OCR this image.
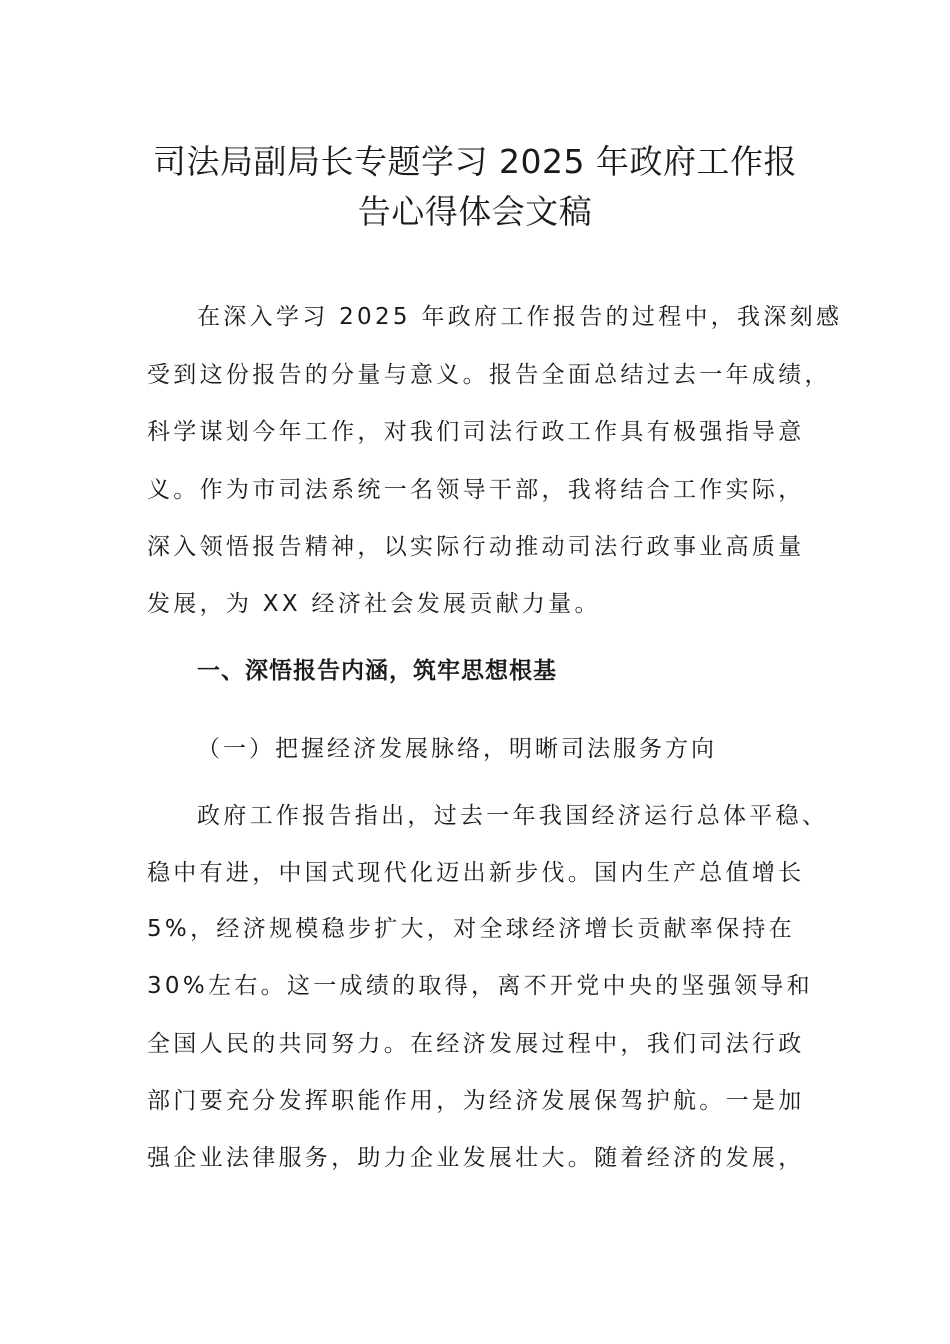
司法局副局长专题学习 2025 年政府工作报
告心得体会文稿
在深入学习 2025 年政府工作报告的过程中，我深刻感
受到这份报告的分量与意义。报告全面总结过去一年成绩，
科学谋划今年工作，对我们司法行政工作具有极强指导意
义。作为市司法系统一名领导干部，我将结合工作实际，
深入领悟报告精神，以实际行动推动司法行政事业高质量
发展，为 XX 经济社会发展贡献力量。
一、深悟报告内涵，筑牢思想根基
（一）把握经济发展脉络，明晰司法服务方向
政府工作报告指出，过去一年我国经济运行总体平稳、
稳中有进，中国式现代化迈出新步伐。国内生产总值增长
5%，经济规模稳步扩大，对全球经济增长贡献率保持在
30%左右。这一成绩的取得，离不开党中央的坚强领导和
全国人民的共同努力。在经济发展过程中，我们司法行政
部门要充分发挥职能作用，为经济发展保驾护航。一是加
强企业法律服务，助力企业发展壮大。随着经济的发展，
